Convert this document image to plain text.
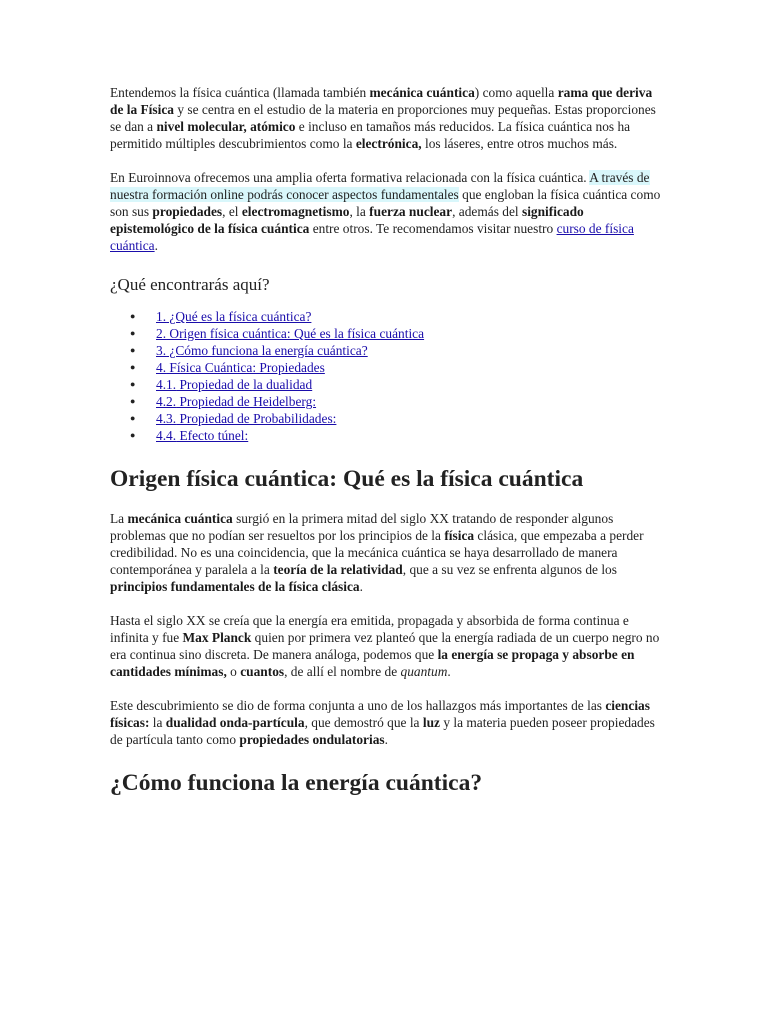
Entendemos la física cuántica (llamada también mecánica cuántica) como aquella rama que deriva de la Física y se centra en el estudio de la materia en proporciones muy pequeñas. Estas proporciones se dan a nivel molecular, atómico e incluso en tamaños más reducidos. La física cuántica nos ha permitido múltiples descubrimientos como la electrónica, los láseres, entre otros muchos más.

En Euroinnova ofrecemos una amplia oferta formativa relacionada con la física cuántica. A través de nuestra formación online podrás conocer aspectos fundamentales que engloban la física cuántica como son sus propiedades, el electromagnetismo, la fuerza nuclear, además del significado epistemológico de la física cuántica entre otros. Te recomendamos visitar nuestro curso de física cuántica.

¿Qué encontrarás aquí?
● 1. ¿Qué es la física cuántica?
● 2. Origen física cuántica: Qué es la física cuántica
● 3. ¿Cómo funciona la energía cuántica?
● 4. Física Cuántica: Propiedades
● 4.1. Propiedad de la dualidad
● 4.2. Propiedad de Heidelberg:
● 4.3. Propiedad de Probabilidades:
● 4.4. Efecto túnel:
Origen física cuántica: Qué es la física cuántica

La mecánica cuántica surgió en la primera mitad del siglo XX tratando de responder algunos problemas que no podían ser resueltos por los principios de la física clásica, que empezaba a perder credibilidad. No es una coincidencia, que la mecánica cuántica se haya desarrollado de manera contemporánea y paralela a la teoría de la relatividad, que a su vez se enfrenta algunos de los principios fundamentales de la física clásica.

Hasta el siglo XX se creía que la energía era emitida, propagada y absorbida de forma continua e infinita y fue Max Planck quien por primera vez planteó que la energía radiada de un cuerpo negro no era continua sino discreta. De manera análoga, podemos que la energía se propaga y absorbe en cantidades mínimas, o cuantos, de allí el nombre de quantum.

Este descubrimiento se dio de forma conjunta a uno de los hallazgos más importantes de las ciencias físicas: la dualidad onda-partícula, que demostró que la luz y la materia pueden poseer propiedades de partícula tanto como propiedades ondulatorias.

¿Cómo funciona la energía cuántica?
